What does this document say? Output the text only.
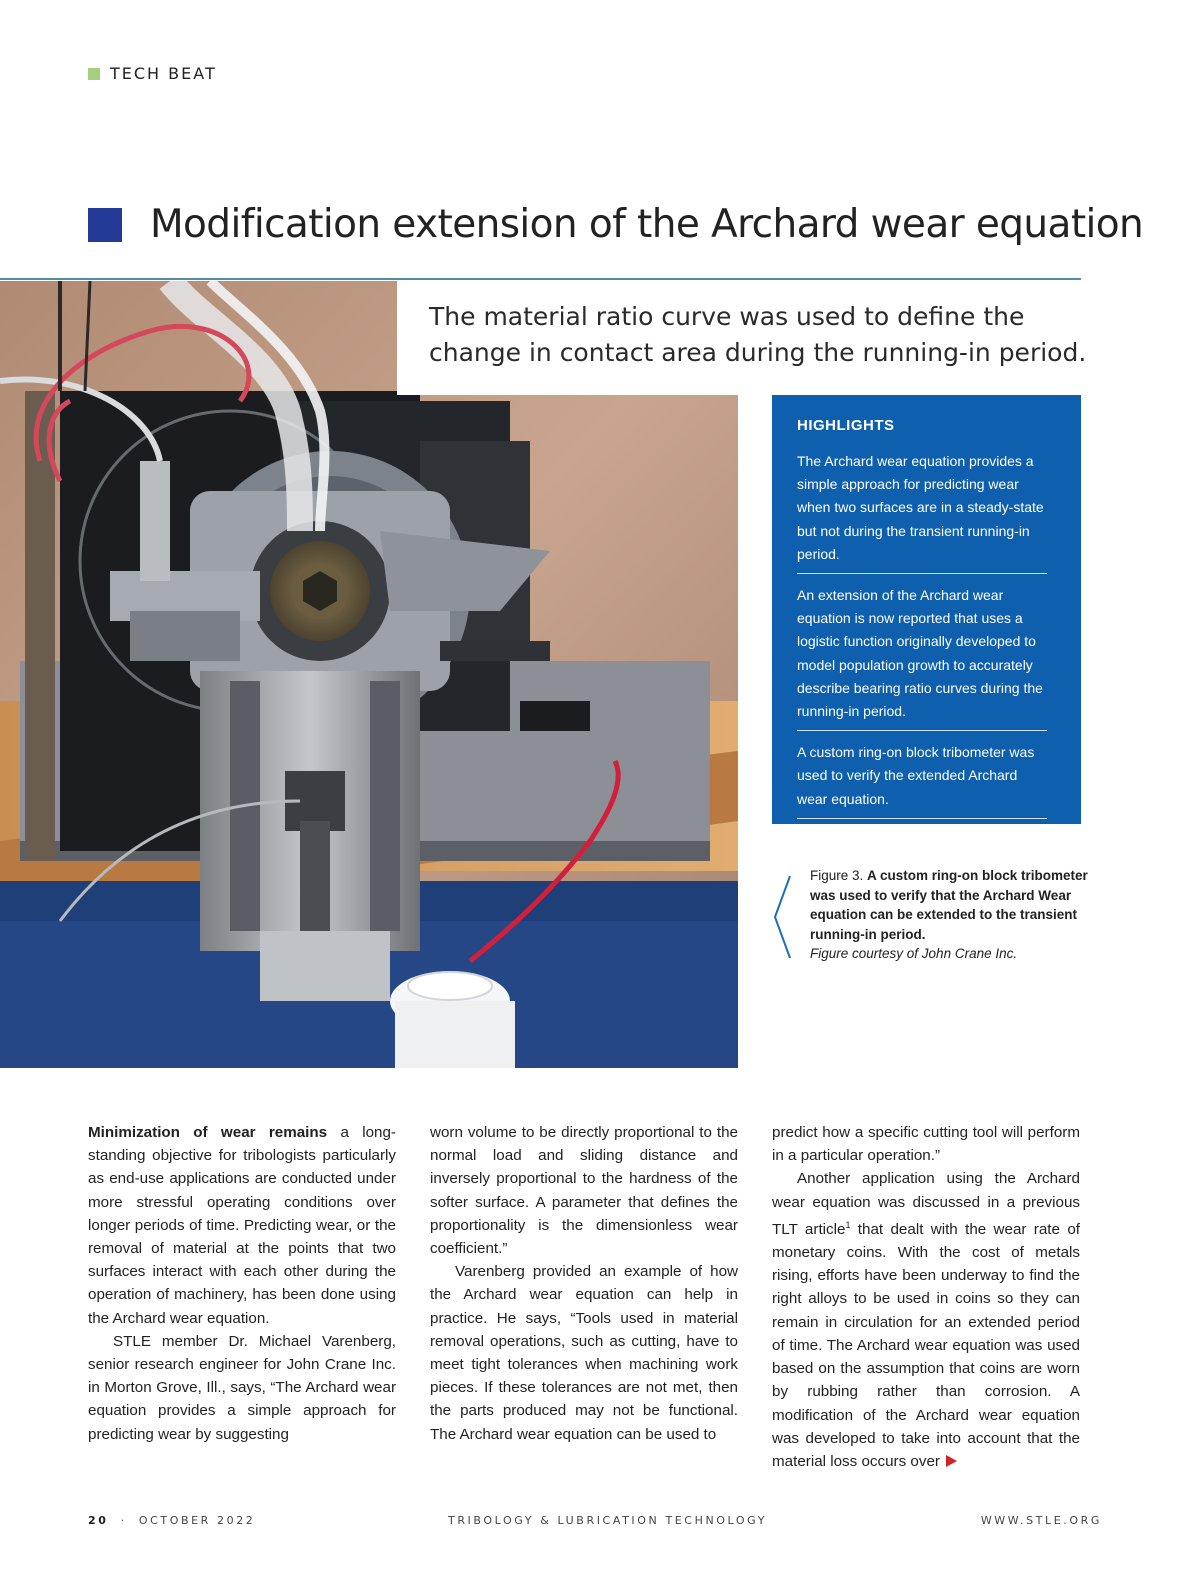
TECH BEAT
Modification extension of the Archard wear equation
The material ratio curve was used to define the change in contact area during the running-in period.
HIGHLIGHTS
The Archard wear equation provides a simple approach for predicting wear when two surfaces are in a steady-state but not during the transient running-in period.
An extension of the Archard wear equation is now reported that uses a logistic function originally developed to model population growth to accurately describe bearing ratio curves during the running-in period.
A custom ring-on block tribometer was used to verify the extended Archard wear equation.
Figure 3. A custom ring-on block tribometer was used to verify that the Archard Wear equation can be extended to the transient running-in period.
Figure courtesy of John Crane Inc.

Minimization of wear remains a long-standing objective for tribologists particularly as end-use applications are conducted under more stressful operating conditions over longer periods of time. Predicting wear, or the removal of material at the points that two surfaces interact with each other during the operation of machinery, has been done using the Archard wear equation.

STLE member Dr. Michael Varenberg, senior research engineer for John Crane Inc. in Morton Grove, Ill., says, “The Archard wear equation provides a simple approach for predicting wear by suggesting

worn volume to be directly proportional to the normal load and sliding distance and inversely proportional to the hardness of the softer surface. A parameter that defines the proportionality is the dimensionless wear coefficient.”

Varenberg provided an example of how the Archard wear equation can help in practice. He says, “Tools used in material removal operations, such as cutting, have to meet tight tolerances when machining work pieces. If these tolerances are not met, then the parts produced may not be functional. The Archard wear equation can be used to

predict how a specific cutting tool will perform in a particular operation.”

Another application using the Archard wear equation was discussed in a previous TLT article$^1$ that dealt with the wear rate of monetary coins. With the cost of metals rising, efforts have been underway to find the right alloys to be used in coins so they can remain in circulation for an extended period of time. The Archard wear equation was used based on the assumption that coins are worn by rubbing rather than corrosion. A modification of the Archard wear equation was developed to take into account that the material loss occurs over

20 · OCTOBER 2022	TRIBOLOGY & LUBRICATION TECHNOLOGY	WWW.STLE.ORG
